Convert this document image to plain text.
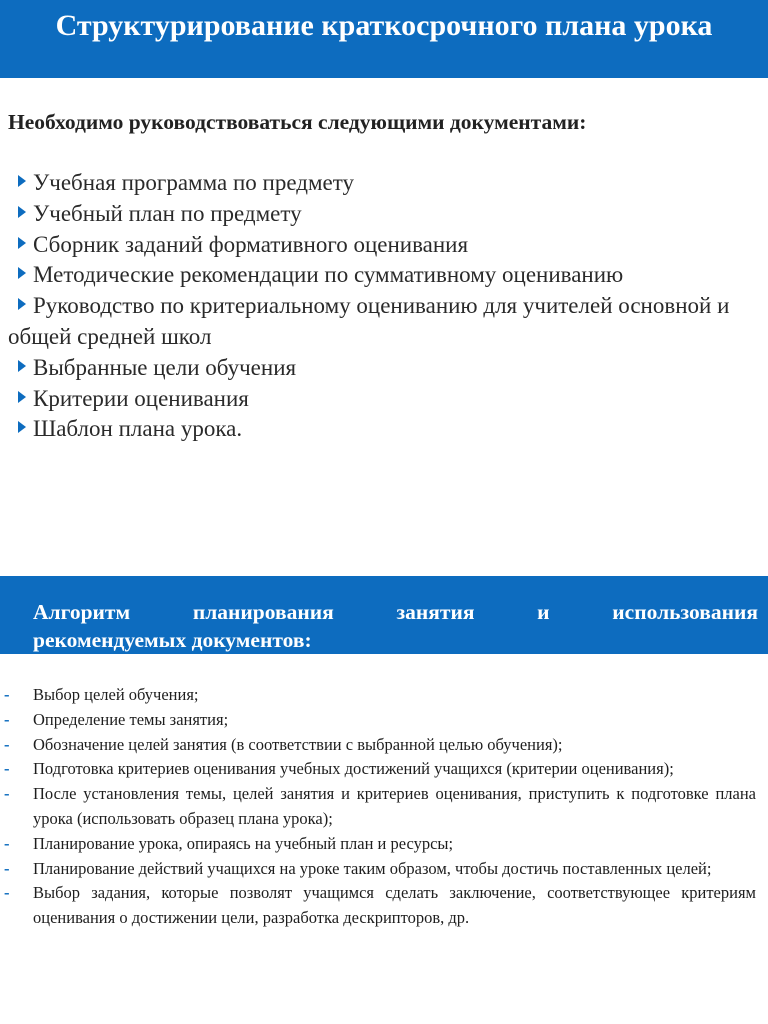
Структурирование краткосрочного плана урока
Необходимо руководствоваться следующими документами:
Учебная программа по предмету
Учебный план по предмету
Сборник заданий формативного оценивания
Методические рекомендации по суммативному оцениванию
Руководство по критериальному оцениванию для учителей основной и общей средней школ
Выбранные цели обучения
Критерии оценивания
Шаблон плана урока.
Алгоритм планирования занятия и использования

рекомендуемых документов:
- Выбор целей обучения;
- Определение темы занятия;
- Обозначение целей занятия (в соответствии с выбранной целью обучения);
- Подготовка критериев оценивания учебных достижений учащихся (критерии оценивания);
- После установления темы, целей занятия и критериев оценивания, приступить к подготовке плана урока (использовать образец плана урока);
- Планирование урока, опираясь на учебный план и ресурсы;
- Планирование действий учащихся на уроке таким образом, чтобы достичь поставленных целей;
- Выбор задания, которые позволят учащимся сделать заключение, соответствующее критериям оценивания о достижении цели, разработка дескрипторов, др.
